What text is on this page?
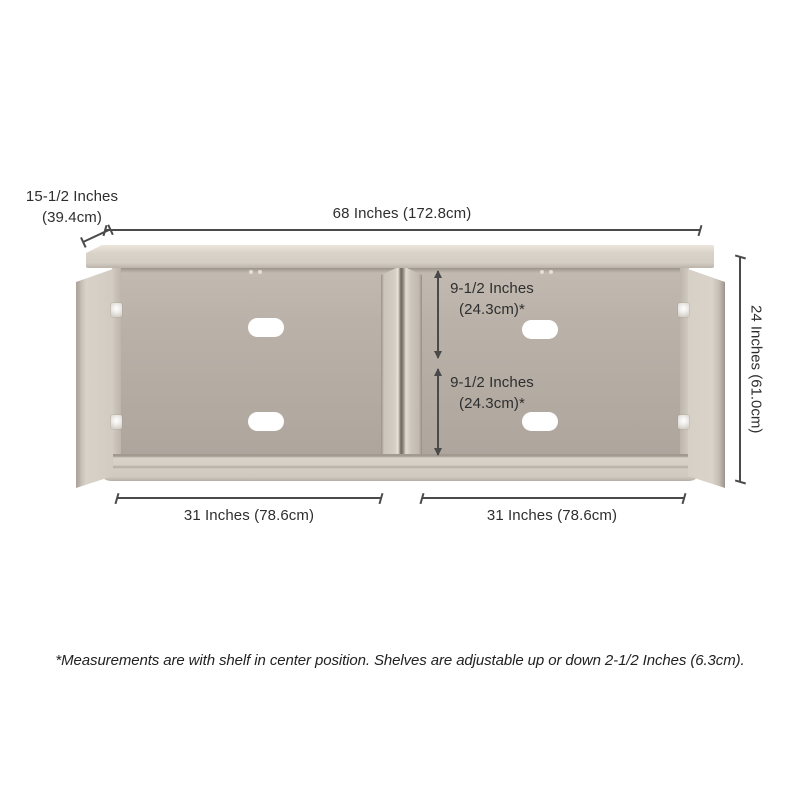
15-1/2 Inches
(39.4cm)	68 Inches (172.8cm)
24 Inches (61.0cm)
9-1/2 Inches
(24.3cm)*
9-1/2 Inches
(24.3cm)*
31 Inches (78.6cm)	31 Inches (78.6cm)
*Measurements are with shelf in center position. Shelves are adjustable up or down 2-1/2 Inches (6.3cm).
